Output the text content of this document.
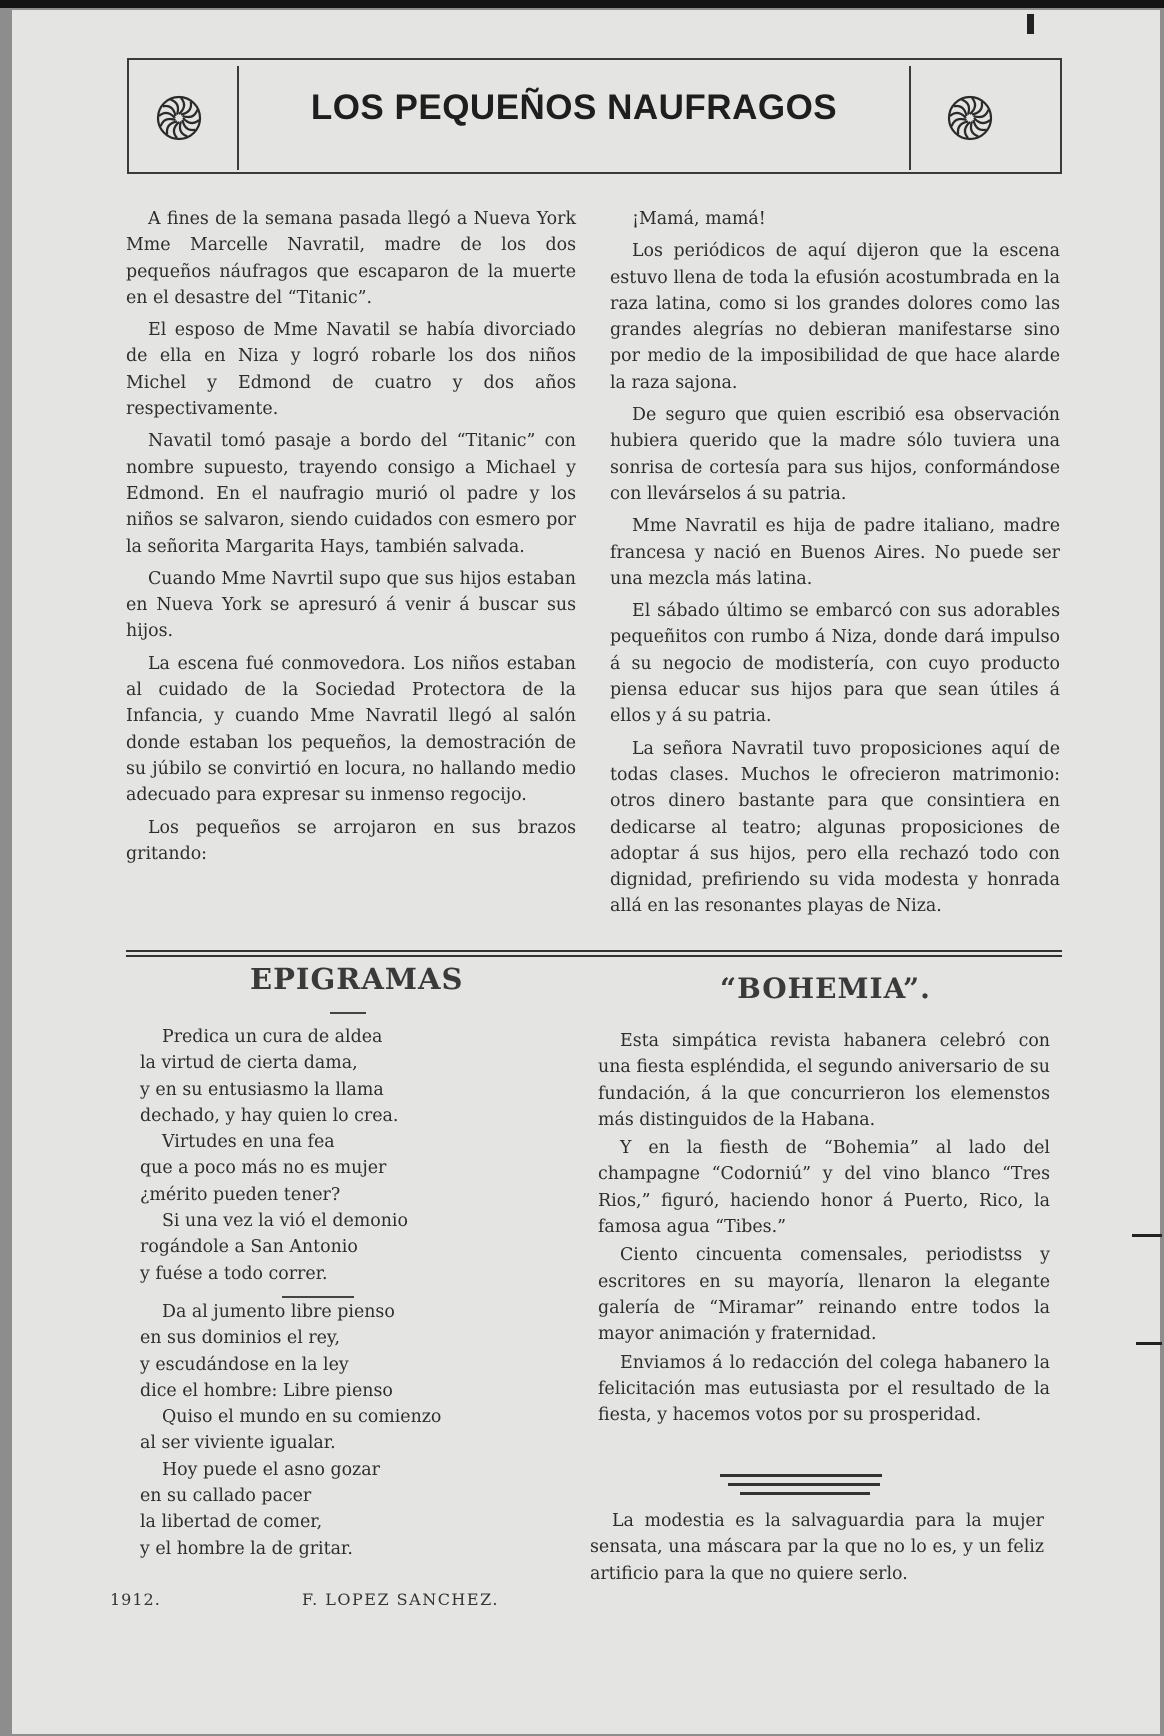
LOS PEQUEÑOS NAUFRAGOS

A fines de la semana pasada llegó a Nueva York Mme Marcelle Navratil, madre de los dos pequeños náufragos que escaparon de la muerte en el desastre del “Titanic”.

El esposo de Mme Navatil se había divorciado de ella en Niza y logró robarle los dos niños Michel y Edmond de cuatro y dos años respectivamente.

Navatil tomó pasaje a bordo del “Titanic” con nombre supuesto, trayendo consigo a Michael y Edmond. En el naufragio murió ol padre y los niños se salvaron, siendo cuidados con esmero por la señorita Margarita Hays, también salvada.

Cuando Mme Navrtil supo que sus hijos estaban en Nueva York se apresuró á venir á buscar sus hijos.

La escena fué conmovedora. Los niños estaban al cuidado de la Sociedad Protectora de la Infancia, y cuando Mme Navratil llegó al salón donde estaban los pequeños, la demostración de su júbilo se convirtió en locura, no hallando medio adecuado para expresar su inmenso regocijo.

Los pequeños se arrojaron en sus brazos gritando:

¡Mamá, mamá!

Los periódicos de aquí dijeron que la escena estuvo llena de toda la efusión acostumbrada en la raza latina, como si los grandes dolores como las grandes alegrías no debieran manifestarse sino por medio de la imposibilidad de que hace alarde la raza sajona.

De seguro que quien escribió esa observación hubiera querido que la madre sólo tuviera una sonrisa de cortesía para sus hijos, conformándose con llevárselos á su patria.

Mme Navratil es hija de padre italiano, madre francesa y nació en Buenos Aires. No puede ser una mezcla más latina.

El sábado último se embarcó con sus adorables pequeñitos con rumbo á Niza, donde dará impulso á su negocio de modistería, con cuyo producto piensa educar sus hijos para que sean útiles á ellos y á su patria.

La señora Navratil tuvo proposiciones aquí de todas clases. Muchos le ofrecieron matrimonio: otros dinero bastante para que consintiera en dedicarse al teatro; algunas proposiciones de adoptar á sus hijos, pero ella rechazó todo con dignidad, prefiriendo su vida modesta y honrada allá en las resonantes playas de Niza.

EPIGRAMAS
Predica un cura de aldea
la virtud de cierta dama,
y en su entusiasmo la llama
dechado, y hay quien lo crea.
Virtudes en una fea
que a poco más no es mujer
¿mérito pueden tener?
Si una vez la vió el demonio
rogándole a San Antonio
y fuése a todo correr.
Da al jumento libre pienso
en sus dominios el rey,
y escudándose en la ley
dice el hombre: Libre pienso
Quiso el mundo en su comienzo
al ser viviente igualar.
Hoy puede el asno gozar
en su callado pacer
la libertad de comer,
y el hombre la de gritar.
1912.	F. LOPEZ SANCHEZ.
“BOHEMIA”.

Esta simpática revista habanera celebró con una fiesta espléndida, el segundo aniversario de su fundación, á la que concurrieron los elemenstos más distinguidos de la Habana.

Y en la fiesth de “Bohemia” al lado del champagne “Codorniú” y del vino blanco “Tres Rios,” figuró, haciendo honor á Puerto, Rico, la famosa agua “Tibes.”

Ciento cincuenta comensales, periodistss y escritores en su mayoría, llenaron la elegante galería de “Miramar” reinando entre todos la mayor animación y fraternidad.

Enviamos á lo redacción del colega habanero la felicitación mas eutusiasta por el resultado de la fiesta, y hacemos votos por su prosperidad.

La modestia es la salvaguardia para la mujer sensata, una máscara par la que no lo es, y un feliz artificio para la que no quiere serlo.
